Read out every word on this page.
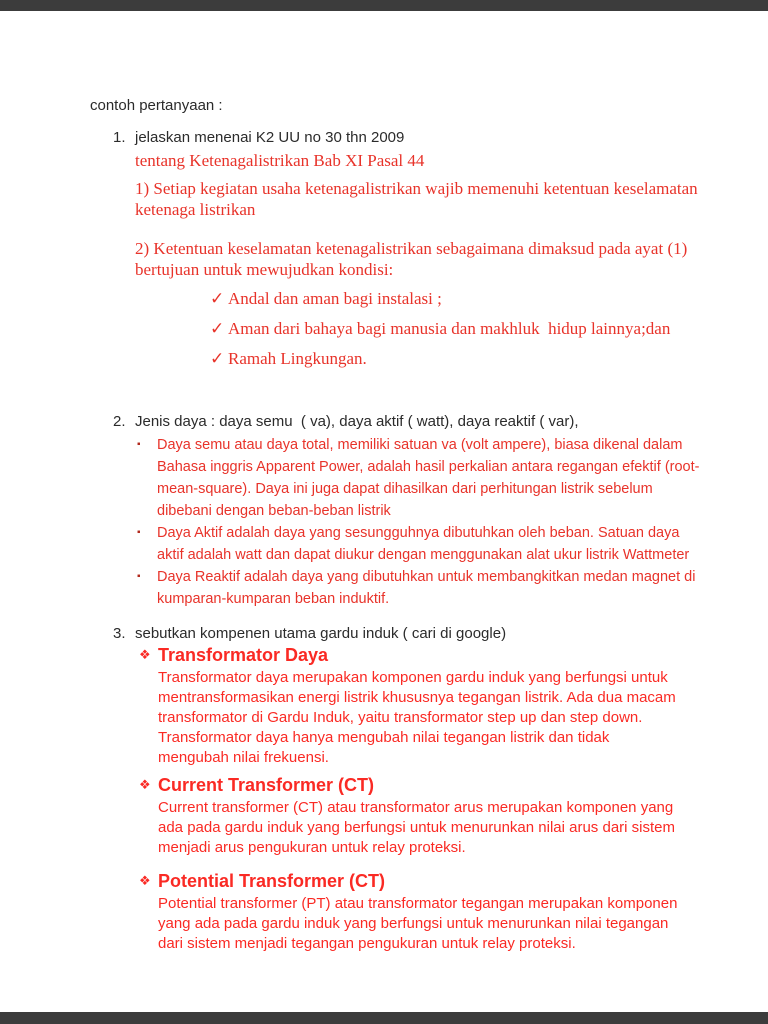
contoh pertanyaan :
1. jelaskan menenai K2 UU no 30 thn 2009
tentang Ketenagalistrikan Bab XI Pasal 44
1) Setiap kegiatan usaha ketenagalistrikan wajib memenuhi ketentuan keselamatan ketenaga listrikan
2) Ketentuan keselamatan ketenagalistrikan sebagaimana dimaksud pada ayat (1) bertujuan untuk mewujudkan kondisi:
✓ Andal dan aman bagi instalasi ;
✓ Aman dari bahaya bagi manusia dan makhluk  hidup lainnya;dan
✓ Ramah Lingkungan.
2. Jenis daya : daya semu  ( va), daya aktif ( watt), daya reaktif ( var),
▪	Daya semu atau daya total, memiliki satuan va (volt ampere), biasa dikenal dalam Bahasa inggris Apparent Power, adalah hasil perkalian antara regangan efektif (root-mean-square). Daya ini juga dapat dihasilkan dari perhitungan listrik sebelum dibebani dengan beban-beban listrik
▪	Daya Aktif adalah daya yang sesungguhnya dibutuhkan oleh beban. Satuan daya aktif adalah watt dan dapat diukur dengan menggunakan alat ukur listrik Wattmeter
▪	Daya Reaktif adalah daya yang dibutuhkan untuk membangkitkan medan magnet di kumparan-kumparan beban induktif.
3. sebutkan kompenen utama gardu induk ( cari di google)
❖ Transformator Daya
Transformator daya merupakan komponen gardu induk yang berfungsi untuk mentransformasikan energi listrik khususnya tegangan listrik. Ada dua macam transformator di Gardu Induk, yaitu transformator step up dan step down. Transformator daya hanya mengubah nilai tegangan listrik dan tidak mengubah nilai frekuensi.
❖ Current Transformer (CT)
Current transformer (CT) atau transformator arus merupakan komponen yang ada pada gardu induk yang berfungsi untuk menurunkan nilai arus dari sistem menjadi arus pengukuran untuk relay proteksi.
❖ Potential Transformer (CT)
Potential transformer (PT) atau transformator tegangan merupakan komponen yang ada pada gardu induk yang berfungsi untuk menurunkan nilai tegangan dari sistem menjadi tegangan pengukuran untuk relay proteksi.
